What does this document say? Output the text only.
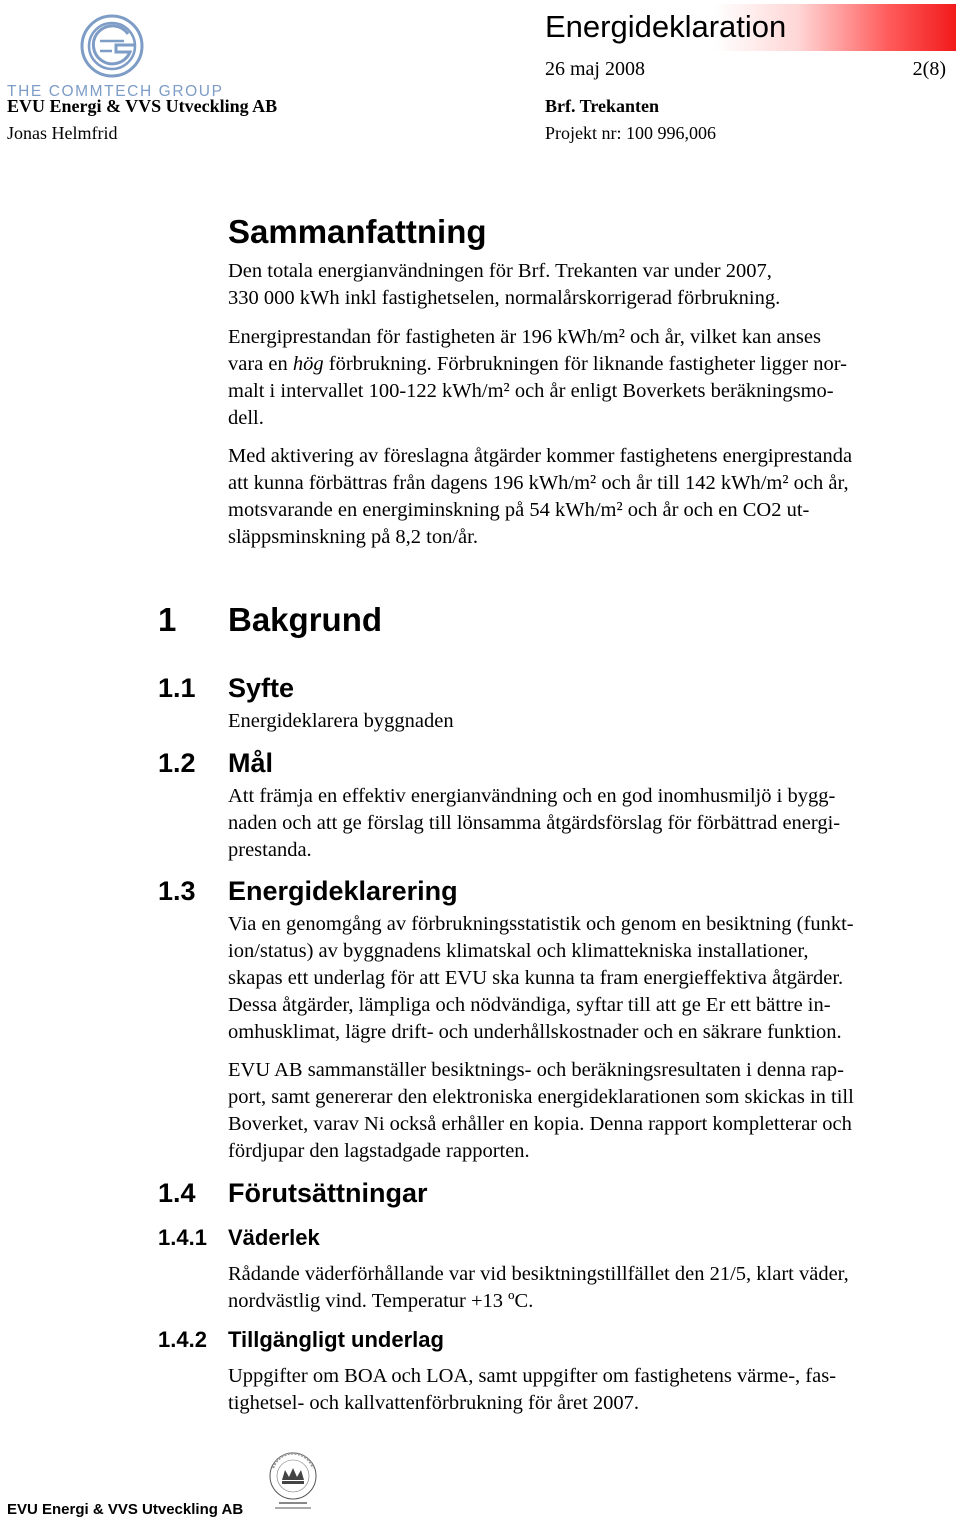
THE COMMTECH GROUP
EVU Energi & VVS Utveckling AB
Jonas Helmfrid
Energideklaration
26 maj 2008	2(8)
Brf. Trekanten
Projekt nr: 100 996,006
Sammanfattning
Den totala energianvändningen för Brf. Trekanten var under 2007,
330 000 kWh inkl fastighetselen, normalårskorrigerad förbrukning.
Energiprestandan för fastigheten är 196 kWh/m² och år, vilket kan anses
vara en hög förbrukning. Förbrukningen för liknande fastigheter ligger nor-
malt i intervallet 100-122 kWh/m² och år enligt Boverkets beräkningsmo-
dell.
Med aktivering av föreslagna åtgärder kommer fastighetens energiprestanda
att kunna förbättras från dagens 196 kWh/m² och år till 142 kWh/m² och år,
motsvarande en energiminskning på 54 kWh/m² och år och en CO2 ut-
släppsminskning på 8,2 ton/år.
1 Bakgrund
1.1 Syfte
Energideklarera byggnaden
1.2 Mål
Att främja en effektiv energianvändning och en god inomhusmiljö i bygg-
naden och att ge förslag till lönsamma åtgärdsförslag för förbättrad energi-
prestanda.
1.3 Energideklarering
Via en genomgång av förbrukningsstatistik och genom en besiktning (funkt-
ion/status) av byggnadens klimatskal och klimattekniska installationer,
skapas ett underlag för att EVU ska kunna ta fram energieffektiva åtgärder.
Dessa åtgärder, lämpliga och nödvändiga, syftar till att ge Er ett bättre in-
omhusklimat, lägre drift- och underhållskostnader och en säkrare funktion.
EVU AB sammanställer besiktnings- och beräkningsresultaten i denna rap-
port, samt genererar den elektroniska energideklarationen som skickas in till
Boverket, varav Ni också erhåller en kopia. Denna rapport kompletterar och
fördjupar den lagstadgade rapporten.
1.4 Förutsättningar
1.4.1 Väderlek
Rådande väderförhållande var vid besiktningstillfället den 21/5, klart väder,
nordvästlig vind. Temperatur +13 ºC.
1.4.2 Tillgängligt underlag
Uppgifter om BOA och LOA, samt uppgifter om fastighetens värme-, fas-
tighetsel- och kallvattenförbrukning för året 2007.
EVU Energi & VVS Utveckling AB
